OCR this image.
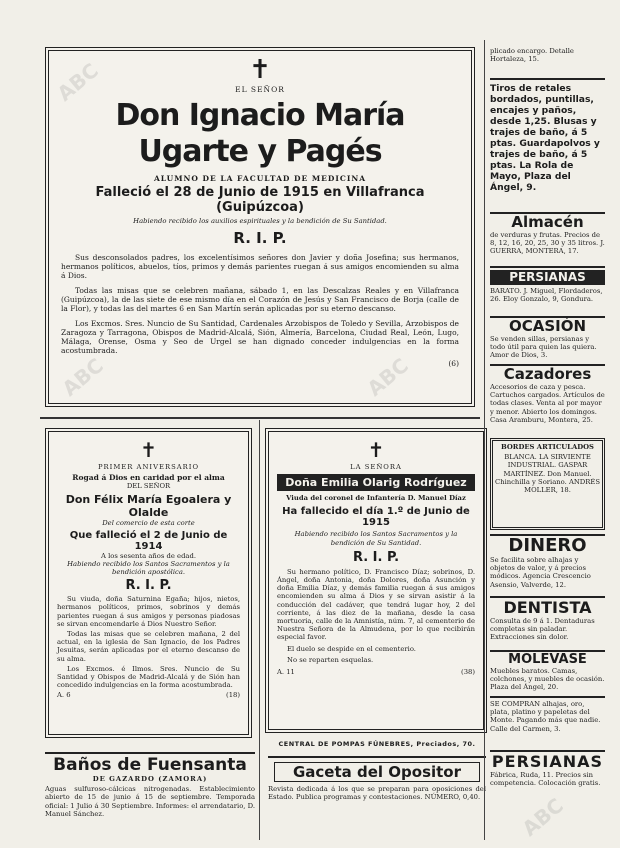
✝
EL SEÑOR
Don Ignacio María Ugarte y Pagés
ALUMNO DE LA FACULTAD DE MEDICINA
Falleció el 28 de Junio de 1915 en Villafranca (Guipúzcoa)
Habiendo recibido los auxilios espirituales y la bendición de Su Santidad.
R. I. P.

Sus desconsolados padres, los excelentísimos señores don Javier y doña Josefina; sus hermanos, hermanos políticos, abuelos, tíos, primos y demás parientes ruegan á sus amigos encomienden su alma á Dios.

Todas las misas que se celebren mañana, sábado 1, en las Descalzas Reales y en Villafranca (Guipúzcoa), la de las siete de ese mismo día en el Corazón de Jesús y San Francisco de Borja (calle de la Flor), y todas las del martes 6 en San Martín serán aplicadas por su eterno descanso.

Los Excmos. Sres. Nuncio de Su Santidad, Cardenales Arzobispos de Toledo y Sevilla, Arzobispos de Zaragoza y Tarragona, Obispos de Madrid-Alcalá, Sión, Almería, Barcelona, Ciudad Real, León, Lugo, Málaga, Orense, Osma y Seo de Urgel se han dignado conceder indulgencias en la forma acostumbrada.

(6)
✝
PRIMER ANIVERSARIO
Rogad á Dios en caridad por el alma
DEL SEÑOR
Don Félix María Egoalera y Olalde
Del comercio de esta corte
Que falleció el 2 de Junio de 1914
A los sesenta años de edad.
Habiendo recibido los Santos Sacramentos y la bendición apostólica.
R. I. P.

Su viuda, doña Saturnina Egaña; hijos, nietos, hermanos políticos, primos, sobrinos y demás parientes ruegan á sus amigos y personas piadosas se sirvan encomendarle á Dios Nuestro Señor.

Todas las misas que se celebren mañana, 2 del actual, en la iglesia de San Ignacio, de los Padres Jesuitas, serán aplicadas por el eterno descanso de su alma.

Los Excmos. é Ilmos. Sres. Nuncio de Su Santidad y Obispos de Madrid-Alcalá y de Sión han concedido indulgencias en la forma acostumbrada.

A. 6	(18)
✝
LA SEÑORA
Doña Emilia Olarig Rodríguez
Viuda del coronel de Infantería D. Manuel Díaz
Ha fallecido el día 1.º de Junio de 1915
Habiendo recibido los Santos Sacramentos y la bendición de Su Santidad.
R. I. P.

Su hermano político, D. Francisco Díaz; sobrinos, D. Ángel, doña Antonia, doña Dolores, doña Asunción y doña Emilia Díaz, y demás familia ruegan á sus amigos encomienden su alma á Dios y se sirvan asistir á la conducción del cadáver, que tendrá lugar hoy, 2 del corriente, á las diez de la mañana, desde la casa mortuoria, calle de la Amnistía, núm. 7, al cementerio de Nuestra Señora de la Almudena, por lo que recibirán especial favor.

El duelo se despide en el cementerio.

No se reparten esquelas.

A. 11	(38)
CENTRAL DE POMPAS FÚNEBRES, Preciados, 70.
Baños de Fuensanta
DE GAZARDO (ZAMORA)

Aguas sulfuroso-cálcicas nitrogenadas. Establecimiento abierto de 15 de junio á 15 de septiembre. Temporada oficial: 1 Julio á 30 Septiembre. Informes: el arrendatario, D. Manuel Sánchez.

Gaceta del Opositor

Revista dedicada á los que se preparan para oposiciones del Estado. Publica programas y contestaciones. NÚMERO, 0,40.

plicado encargo. Detalle Hortaleza, 15.

Tiros de retales bordados, puntillas, encajes y paños, desde 1,25. Blusas y trajes de baño, á 5 ptas. Guardapolvos y trajes de baño, á 5 ptas. La Rola de Mayo, Plaza del Ángel, 9.

Almacén

de verduras y frutas. Precios de 8, 12, 16, 20, 25, 30 y 35 litros. J. GUERRA, MONTERA, 17.

PERSIANAS

BARATO. J. Miguel, Flordaderos, 26. Eloy Gonzalo, 9, Gondura.

OCASIÓN

Se venden sillas, persianas y todo útil para quien las quiera. Amor de Dios, 3.

Cazadores

Accesorios de caza y pesca. Cartuchos cargados. Artículos de todas clases. Venta al por mayor y menor. Abierto los domingos. Casa Aramburu, Montera, 25.

BORDES ARTICULADOS

BLANCA. LA SIRVIENTE INDUSTRIAL. GASPAR MARTÍNEZ. Don Manuel. Chinchilla y Soriano. ANDRÉS MOLLER, 18.

DINERO

Se facilita sobre alhajas y objetos de valor, y á precios módicos. Agencia Crescencio Asensio, Valverde, 12.

DENTISTA

Consulta de 9 á 1. Dentaduras completas sin paladar. Extracciones sin dolor.

MOLEVASE

Muebles baratos. Camas, colchones, y muebles de ocasión. Plaza del Ángel, 20.

SE COMPRAN alhajas, oro, plata, platino y papeletas del Monte. Pagando más que nadie. Calle del Carmen, 3.

PERSIANAS

Fábrica, Ruda, 11. Precios sin competencia. Colocación gratis.

ABC
ABC	ABC
ABC
